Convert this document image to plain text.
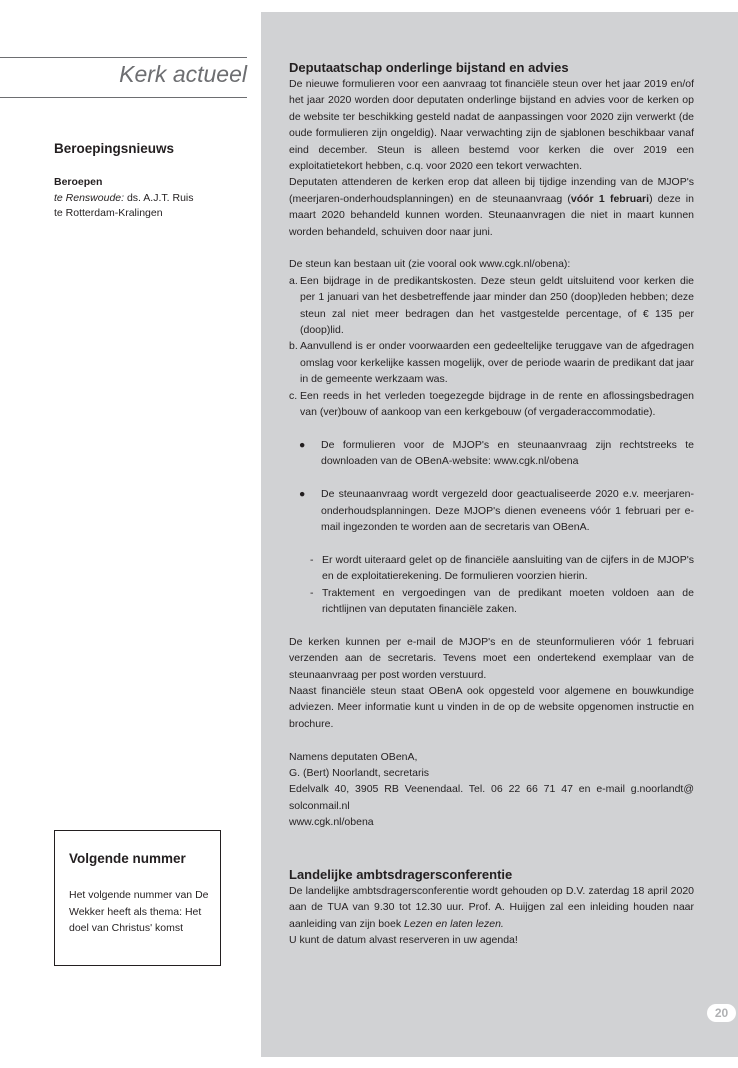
Kerk actueel
Beroepingsnieuws
Beroepen
te Renswoude: ds. A.J.T. Ruis
te Rotterdam-Kralingen
Volgende nummer
Het volgende nummer van De Wekker heeft als thema: Het doel van Christus' komst
Deputaatschap onderlinge bijstand en advies

De nieuwe formulieren voor een aanvraag tot financiële steun over het jaar 2019 en/of het jaar 2020 worden door deputaten onderlinge bijstand en advies voor de kerken op de website ter beschikking gesteld nadat de aanpassingen voor 2020 zijn verwerkt (de oude formulieren zijn ongeldig). Naar verwachting zijn de sjablonen beschikbaar vanaf eind december. Steun is alleen bestemd voor kerken die over 2019 een exploitatietekort hebben, c.q. voor 2020 een tekort verwachten.

Deputaten attenderen de kerken erop dat alleen bij tijdige inzending van de MJOP's (meerjaren-onderhoudsplanningen) en de steunaanvraag (vóór 1 februari) deze in maart 2020 behandeld kunnen worden. Steunaanvragen die niet in maart kunnen worden behandeld, schuiven door naar juni.

De steun kan bestaan uit (zie vooral ook www.cgk.nl/obena):

a. Een bijdrage in de predikantskosten. Deze steun geldt uitsluitend voor kerken die per 1 januari van het desbetreffende jaar minder dan 250 (doop)leden hebben; deze steun zal niet meer bedragen dan het vastgestelde percentage, of € 135 per (doop)lid.
b. Aanvullend is er onder voorwaarden een gedeeltelijke teruggave van de afgedragen omslag voor kerkelijke kassen mogelijk, over de periode waarin de predikant dat jaar in de gemeente werkzaam was.
c. Een reeds in het verleden toegezegde bijdrage in de rente en aflossingsbedragen van (ver)bouw of aankoop van een kerkgebouw (of vergaderaccommodatie).
● De formulieren voor de MJOP's en steunaanvraag zijn rechtstreeks te downloaden van de OBenA-website: www.cgk.nl/obena
● De steunaanvraag wordt vergezeld door geactualiseerde 2020 e.v. meerjaren-onderhoudsplanningen. Deze MJOP's dienen eveneens vóór 1 februari per e-mail ingezonden te worden aan de secretaris van OBenA.
- Er wordt uiteraard gelet op de financiële aansluiting van de cijfers in de MJOP's en de exploitatierekening. De formulieren voorzien hierin.
- Traktement en vergoedingen van de predikant moeten voldoen aan de richtlijnen van deputaten financiële zaken.

De kerken kunnen per e-mail de MJOP's en de steunformulieren vóór 1 februari verzenden aan de secretaris. Tevens moet een ondertekend exemplaar van de steunaanvraag per post worden verstuurd.

Naast financiële steun staat OBenA ook opgesteld voor algemene en bouwkundige adviezen. Meer informatie kunt u vinden in de op de website opgenomen instructie en brochure.

Namens deputaten OBenA,
G. (Bert) Noorlandt, secretaris
Edelvalk 40, 3905 RB Veenendaal. Tel. 06 22 66 71 47 en e-mail g.noorlandt@ solconmail.nl
www.cgk.nl/obena
Landelijke ambtsdragersconferentie

De landelijke ambtsdragersconferentie wordt gehouden op D.V. zaterdag 18 april 2020 aan de TUA van 9.30 tot 12.30 uur. Prof. A. Huijgen zal een inleiding houden naar aanleiding van zijn boek Lezen en laten lezen.

U kunt de datum alvast reserveren in uw agenda!

20
